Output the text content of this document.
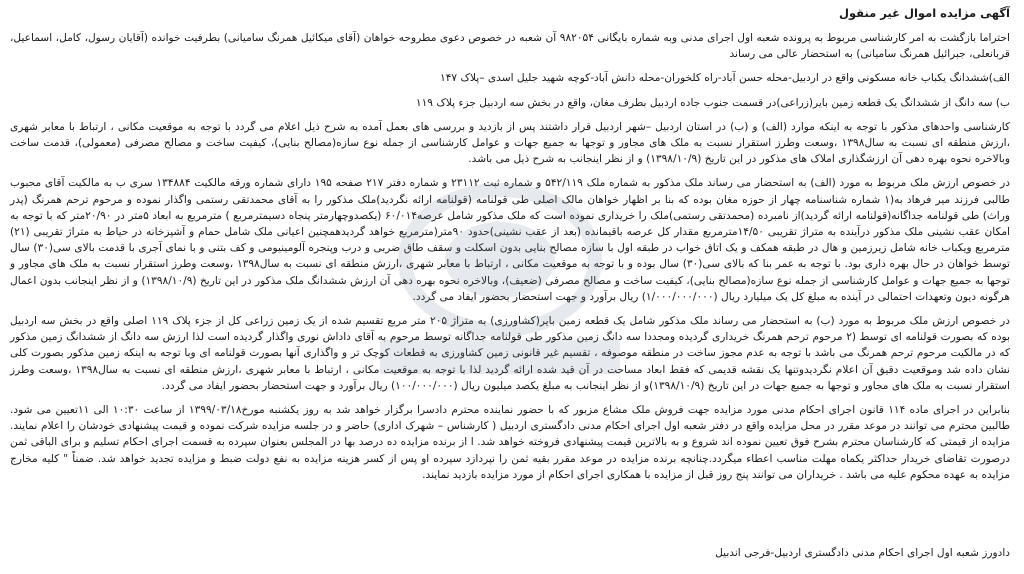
آگهی مزایده اموال غیر منقول

احتراما بازگشت به امر کارشناسی مربوط به پرونده شعبه اول اجرای مدنی وبه شماره بایگانی ۹۸۲۰۵۴ آن شعبه در خصوص دعوی مطروحه خواهان (آقای میکائیل همرنگ سامیانی) بطرفیت خوانده (آقایان رسول، کامل، اسماعیل، قربانعلی، جبرائیل همرنگ سامیانی) به استحضار عالی می رساند

الف)ششدانگ یکباب خانه مسکونی واقع در اردبیل-محله حسن آباد-راه کلخوران-محله دانش آباد-کوچه شهید جلیل اسدی –پلاک ۱۴۷

ب) سه دانگ از ششدانگ یک قطعه زمین بایر(زراعی)در قسمت جنوب جاده اردبیل بطرف مغان، واقع در بخش سه اردبیل جزء پلاک ۱۱۹

کارشناسی واحدهای مذکور با توجه به اینکه موارد (الف) و (ب) در استان اردبیل –شهر اردبیل قرار داشتند پس از بازدید و بررسی های بعمل آمده به شرح ذیل اعلام می گردد با توجه به موقعیت مکانی ، ارتباط با معابر شهری ،ارزش منطقه ای نسبت به سال۱۳۹۸ ،وسعت وطرز استقرار نسبت به ملک های مجاور و توجها به جمیع جهات و عوامل کارشناسی از جمله نوع سازه(مصالح بنایی)، کیفیت ساخت و مصالح مصرفی (معمولی)، قدمت ساخت وبالاخره نحوه بهره دهی آن ارزشگذاری املاک های مذکور در این تاریخ (۱۳۹۸/۱۰/۹) و از نظر اینجانب به شرح ذیل می باشد.

در خصوص ارزش ملک مربوط به مورد (الف) به استحضار می رساند ملک مذکور به شماره ملک ۵۴۲/۱۱۹ و شماره ثبت ۲۳۱۱۲ و شماره دفتر ۲۱۷ صفحه ۱۹۵ دارای شماره ورقه مالکیت ۱۳۴۸۸۴ سری ب به مالکیت آقای محبوب طالبی فرزند میر فرهاد به(۱ شماره شناسنامه چهار از حوزه مغان بوده که بنا بر اظهار خواهان مالک اصلی طی قولنامه (قولنامه ارائه نگردید)ملک مذکور را به آقای محمدتقی رستمی واگذار نموده و مرحوم ترحم همرنگ (پدر وراث) طی قولنامه جداگانه(قولنامه ارائه گردید)از نامبرده (محمدتقی رستمی)ملک را خریداری نموده است که ملک مذکور شامل عرصه۶۰/۰۱۴ (یکصدوچهارمتر پنجاه دسیمترمربع ) مترمربع به ابعاد ۵متر در ۲۰/۹۰متر که با توجه به امکان عقب نشینی ملک مذکور درآینده به متراژ تقریبی ۱۴/۵۰مترمربع مقدار کل عرصه باقیمانده (بعد از عقب نشینی)حدود ۹۰متر(مترمربع خواهد گردیدهمچنین اعیانی ملک شامل حمام و آشپزخانه در حیاط به متراژ تقریبی (۲۱) مترمربع ویکباب خانه شامل زیرزمین و هال در طبقه همکف و یک اتاق خواب در طبقه اول با سازه مصالح بنایی بدون اسکلت و سقف طاق ضربی و درب وپنجره آلومینیومی و کف بتنی و با نمای آجری با قدمت بالای سی(۳۰) سال توسط خواهان در حال بهره داری بود. با توجه به عمر بنا که بالای سی(۳۰) سال بوده و با توجه به موقعیت مکانی ، ارتباط با معابر شهری ،ارزش منطقه ای نسبت به سال۱۳۹۸ ،وسعت وطرز استقرار نسبت به ملک های مجاور و توجها به جمیع جهات و عوامل کارشناسی از جمله نوع سازه(مصالح بنایی)، کیفیت ساخت و مصالح مصرفی (ضعیف)، وبالاخره نحوه بهره دهی آن ارزش ششدانگ ملک مذکور در این تاریخ (۱۳۹۸/۱۰/۹) و از نظر اینجانب بدون اعمال هرگونه دیون وتعهدات احتمالی در آینده به مبلغ کل یک میلیارد ریال (۱/۰۰۰/۰۰۰/۰۰۰) ریال برآورد و جهت استحضار بحضور ایفاد می گردد.

در خصوص ارزش ملک مربوط به مورد (ب) به استحضار می رساند ملک مذکور شامل یک قطعه زمین بایر(کشاورزی) به متراژ ۲۰۵ متر مربع تقسیم شده از یک زمین زراعی کل از جزء پلاک ۱۱۹ اصلی واقع در بخش سه اردبیل بوده که بصورت قولنامه ای توسط (۲ مرحوم ترحم همرنگ خریداری گردیده ومجددا سه دانگ زمین مذکور طی قولنامه جداگانه توسط مرحوم به آقای داداش نوری واگذار گردیده است لذا ارزش سه دانگ از ششدانگ زمین مذکور که در مالکیت مرحوم ترحم همرنگ می باشد با توجه به عدم مجوز ساخت در منطقه موصوفه ، تقسیم غیر قانونی زمین کشاورزی به قطعات کوچک تر و واگذاری آنها بصورت قولنامه ای وبا توجه به اینکه زمین مذکور بصورت کلی نشان داده شد وموقعیت دقیق آن اعلام نگردیدوتنها یک نقشه قدیمی که فقط ابعاد مساحت در آن قید شده ارائه گردید لذا با توجه به موقعیت مکانی ، ارتباط با معابر شهری ،ارزش منطقه ای نسبت به سال۱۳۹۸ ،وسعت وطرز استقرار نسبت به ملک های مجاور و توجها به جمیع جهات در این تاریخ (۱۳۹۸/۱۰/۹)و از نظر اینجانب به مبلغ یکصد میلیون ریال (۱۰۰/۰۰۰/۰۰۰) ریال برآورد و جهت استحضار بحضور ایفاد می گردد.

بنابراین در اجرای ماده ۱۱۴ قانون اجرای احکام مدنی مورد مزایده جهت فروش ملک مشاع مزبور که با حضور نماینده محترم دادسرا برگزار خواهد شد به روز یکشنبه مورخ۱۳۹۹/۰۳/۱۸ از ساعت ۱۰:۳۰ الی ۱۱تعیین می شود. طالبین محترم می توانند در موعد مقرر در محل مزایده واقع در دفتر شعبه اول اجرای احکام مدنی دادگستری اردبیل ( کارشناس – شهرک اداری) حاضر و در جلسه مزایده شرکت نموده و قیمت پیشنهادی خودشان را اعلام نمایند. مزایده از قیمتی که کارشناسان محترم بشرح فوق تعیین نموده اند شروع و به بالاترین قیمت پیشنهادی فروخته خواهد شد. ا از برنده مزایده ده درصد بها در المجلس بعنوان سپرده به قسمت اجرای احکام تسلیم و برای الباقی ثمن درصورت تقاضای خریدار حداکثر یکماه مهلت مناسب اعطاء میگردد.چنانچه برنده مزایده در موعد مقرر بقیه ثمن را نپردازد سپرده او پس از کسر هزینه مزایده به نفع دولت ضبط و مزایده تجدید خواهد شد. ضمناً " کلیه مخارج مزایده به عهده محکوم علیه می باشد . خریداران می توانند پنج روز قبل از مزایده با همکاری اجرای احکام از مورد مزایده بازدید نمایند.

دادورز شعبه اول اجرای احکام مدنی دادگستری اردبیل-فرجی اندبیل
